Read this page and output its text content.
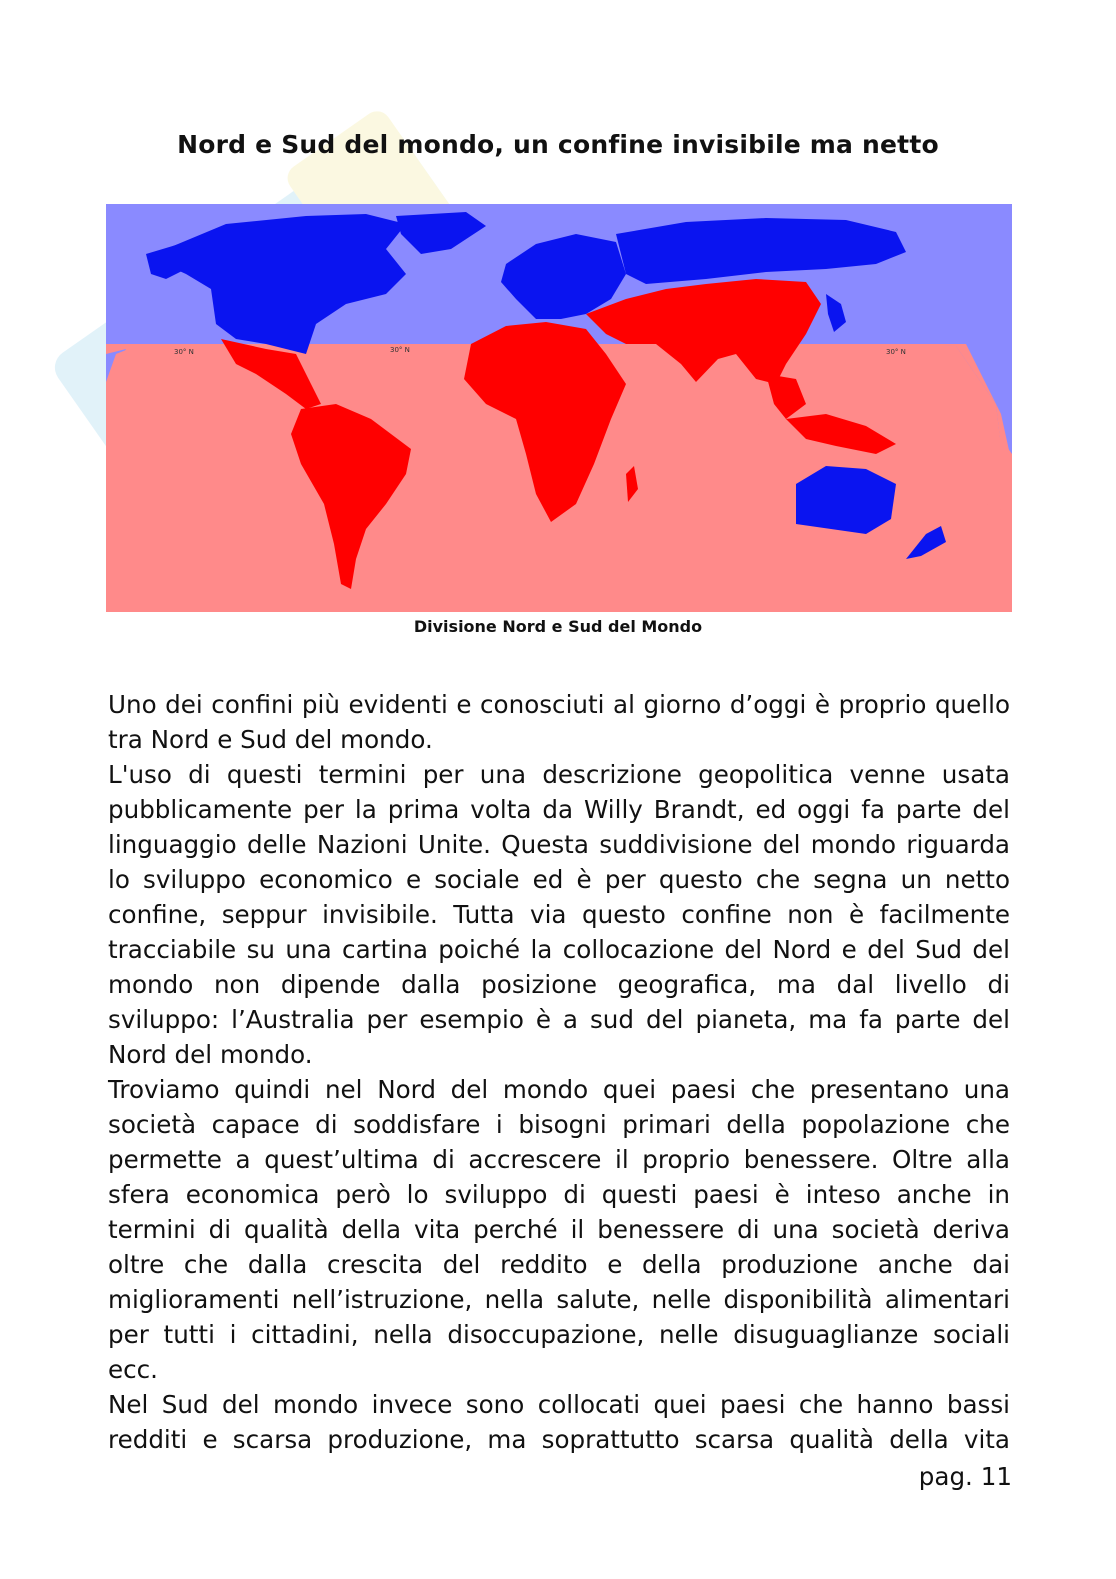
Nord e Sud del mondo, un confine invisibile ma netto
30° N	30° N	30° N
Divisione Nord e Sud del Mondo

Uno dei confini più evidenti e conosciuti al giorno d’oggi è proprio quello tra Nord e Sud del mondo.

L'uso di questi termini per una descrizione geopolitica venne usata pubblicamente per la prima volta da Willy Brandt, ed oggi fa parte del linguaggio delle Nazioni Unite. Questa suddivisione del mondo riguarda lo sviluppo economico e sociale ed è per questo che segna un netto confine, seppur invisibile. Tutta via questo confine non è facilmente tracciabile su una cartina poiché la collocazione del Nord e del Sud del mondo non dipende dalla posizione geografica, ma dal livello di sviluppo: l’Australia per esempio è a sud del pianeta, ma fa parte del Nord del mondo.

Troviamo quindi nel Nord del mondo quei paesi che presentano una società capace di soddisfare i bisogni primari della popolazione che permette a quest’ultima di accrescere il proprio benessere. Oltre alla sfera economica però lo sviluppo di questi paesi è inteso anche in termini di qualità della vita perché il benessere di una società deriva oltre che dalla crescita del reddito e della produzione anche dai miglioramenti nell’istruzione, nella salute, nelle disponibilità alimentari per tutti i cittadini, nella disoccupazione, nelle disuguaglianze sociali ecc.

Nel Sud del mondo invece sono collocati quei paesi che hanno bassi redditi e scarsa produzione, ma soprattutto scarsa qualità della vita

pag. 11
